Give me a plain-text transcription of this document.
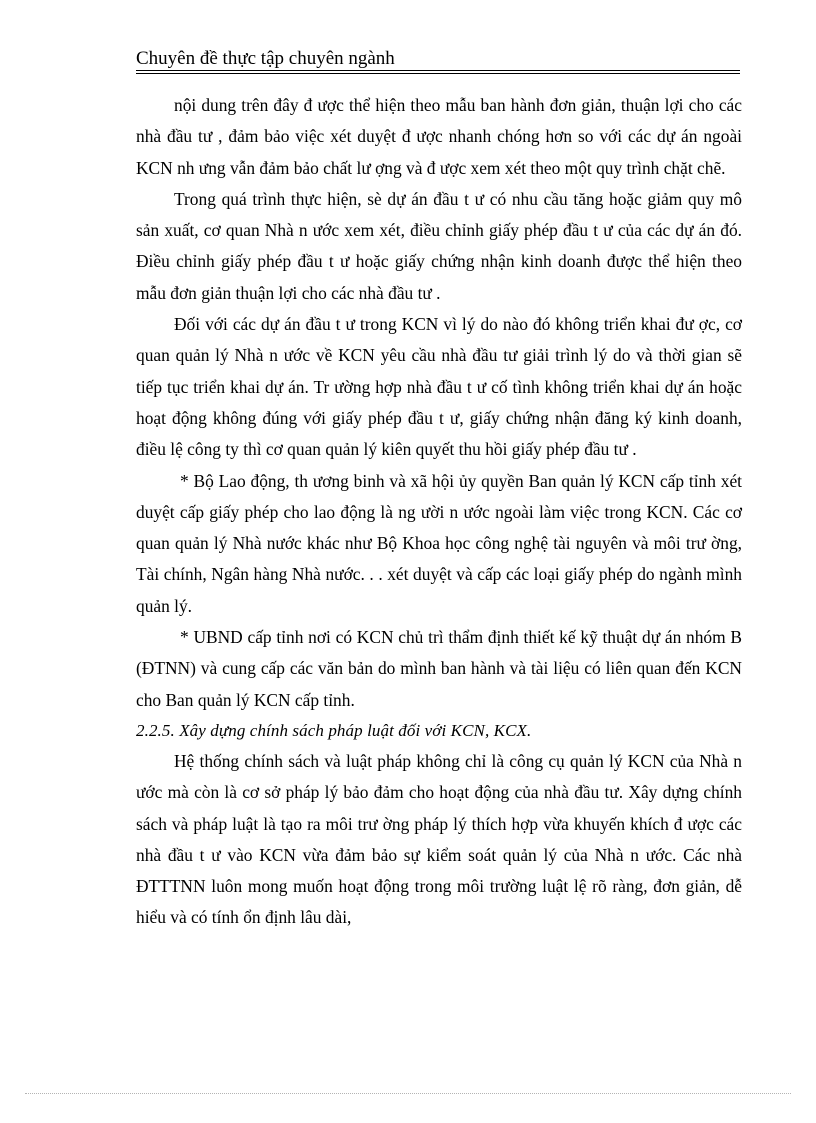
Chuyên đề thực tập chuyên ngành

nội dung trên đây đ ược thể hiện theo mẫu ban hành đơn giản, thuận lợi cho các nhà đầu tư , đảm bảo việc xét duyệt đ ược nhanh chóng hơn so với các dự án ngoài KCN nh ưng vẫn đảm bảo chất lư ợng và đ ược xem xét theo một quy trình chặt chẽ.

Trong quá trình thực hiện, sè dự án đầu t ư có nhu cầu tăng hoặc giảm quy mô sản xuất, cơ quan Nhà n ước xem xét, điều chỉnh giấy phép đầu t ư của các dự án đó. Điều chỉnh giấy phép đầu t ư hoặc giấy chứng nhận kinh doanh được thể hiện theo mẫu đơn giản thuận lợi cho các nhà đầu tư .

Đối với các dự án đầu t ư trong KCN vì lý do nào đó không triển khai đư ợc, cơ quan quản lý Nhà n ước về KCN yêu cầu nhà đầu tư giải trình lý do và thời gian sẽ tiếp tục triển khai dự án. Tr ường hợp nhà đầu t ư cố tình không triển khai dự án hoặc hoạt động không đúng với giấy phép đầu t ư, giấy chứng nhận đăng ký kinh doanh, điều lệ công ty thì cơ quan quản lý kiên quyết thu hồi giấy phép đầu tư .

* Bộ Lao động, th ương binh và xã hội ủy quyền Ban quản lý KCN cấp tỉnh xét duyệt cấp giấy phép cho lao động là ng ười n ước ngoài làm việc trong KCN. Các cơ quan quản lý Nhà nước khác như Bộ Khoa học công nghệ tài nguyên và môi trư ờng, Tài chính, Ngân hàng Nhà nước. . . xét duyệt và cấp các loại giấy phép do ngành mình quản lý.

* UBND cấp tỉnh nơi có KCN chủ trì thẩm định thiết kế kỹ thuật dự án nhóm B (ĐTNN) và cung cấp các văn bản do mình ban hành và tài liệu có liên quan đến KCN cho Ban quản lý KCN cấp tỉnh.

2.2.5. Xây dựng chính sách pháp luật đối với KCN, KCX.

Hệ thống chính sách và luật pháp không chỉ là công cụ quản lý KCN của Nhà n ước mà còn là cơ sở pháp lý bảo đảm cho hoạt động của nhà đầu tư. Xây dựng chính sách và pháp luật là tạo ra môi trư ờng pháp lý thích hợp vừa khuyến khích đ ược các nhà đầu t ư vào KCN vừa đảm bảo sự kiểm soát quản lý của Nhà n ước. Các nhà ĐTTTNN luôn mong muốn hoạt động trong môi trường luật lệ rõ ràng, đơn giản, dễ hiểu và có tính ổn định lâu dài,
